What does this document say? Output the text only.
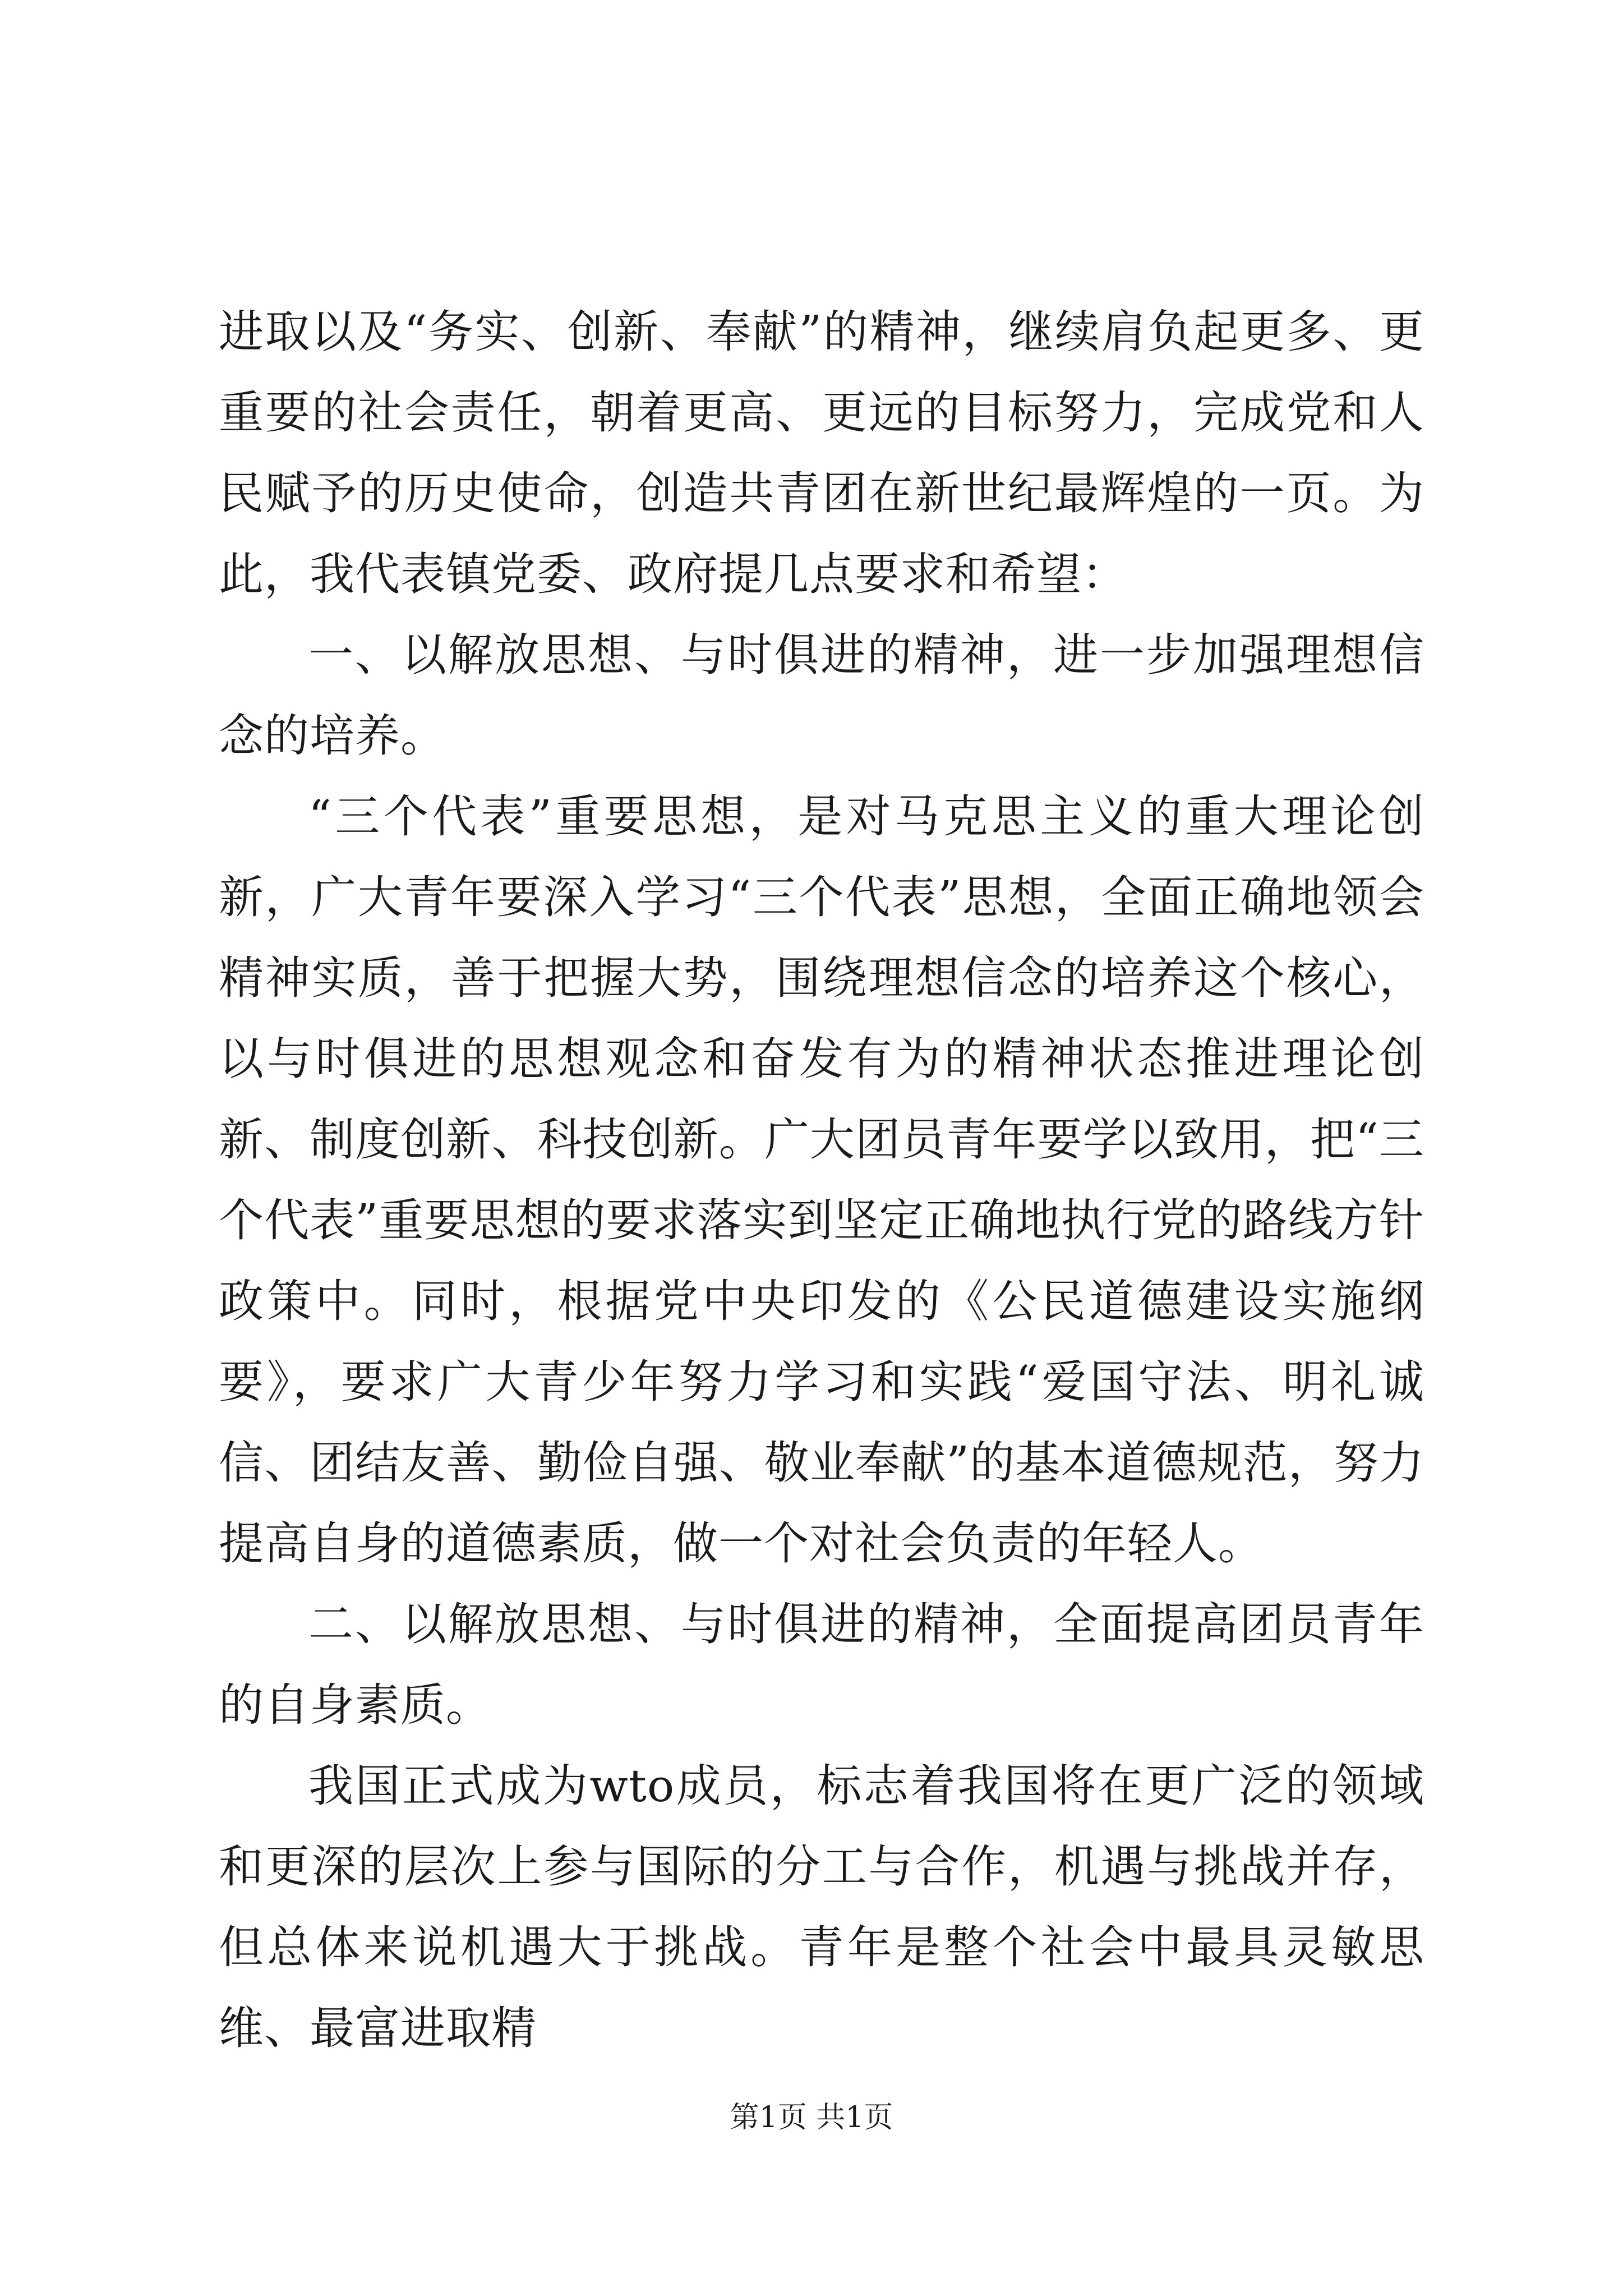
进取以及“务实、创新、奉献”的精神，继续肩负起更多、更重要的社会责任，朝着更高、更远的目标努力，完成党和人民赋予的历史使命，创造共青团在新世纪最辉煌的一页。为此，我代表镇党委、政府提几点要求和希望：

一、以解放思想、与时俱进的精神，进一步加强理想信念的培养。

“三个代表”重要思想，是对马克思主义的重大理论创新，广大青年要深入学习“三个代表”思想，全面正确地领会精神实质，善于把握大势，围绕理想信念的培养这个核心，以与时俱进的思想观念和奋发有为的精神状态推进理论创新、制度创新、科技创新。广大团员青年要学以致用，把“三个代表”重要思想的要求落实到坚定正确地执行党的路线方针政策中。同时，根据党中央印发的《公民道德建设实施纲要》，要求广大青少年努力学习和实践“爱国守法、明礼诚信、团结友善、勤俭自强、敬业奉献”的基本道德规范，努力提高自身的道德素质，做一个对社会负责的年轻人。

二、以解放思想、与时俱进的精神，全面提高团员青年的自身素质。

我国正式成为wto成员，标志着我国将在更广泛的领域和更深的层次上参与国际的分工与合作，机遇与挑战并存，但总体来说机遇大于挑战。青年是整个社会中最具灵敏思维、最富进取精

第1页 共1页
